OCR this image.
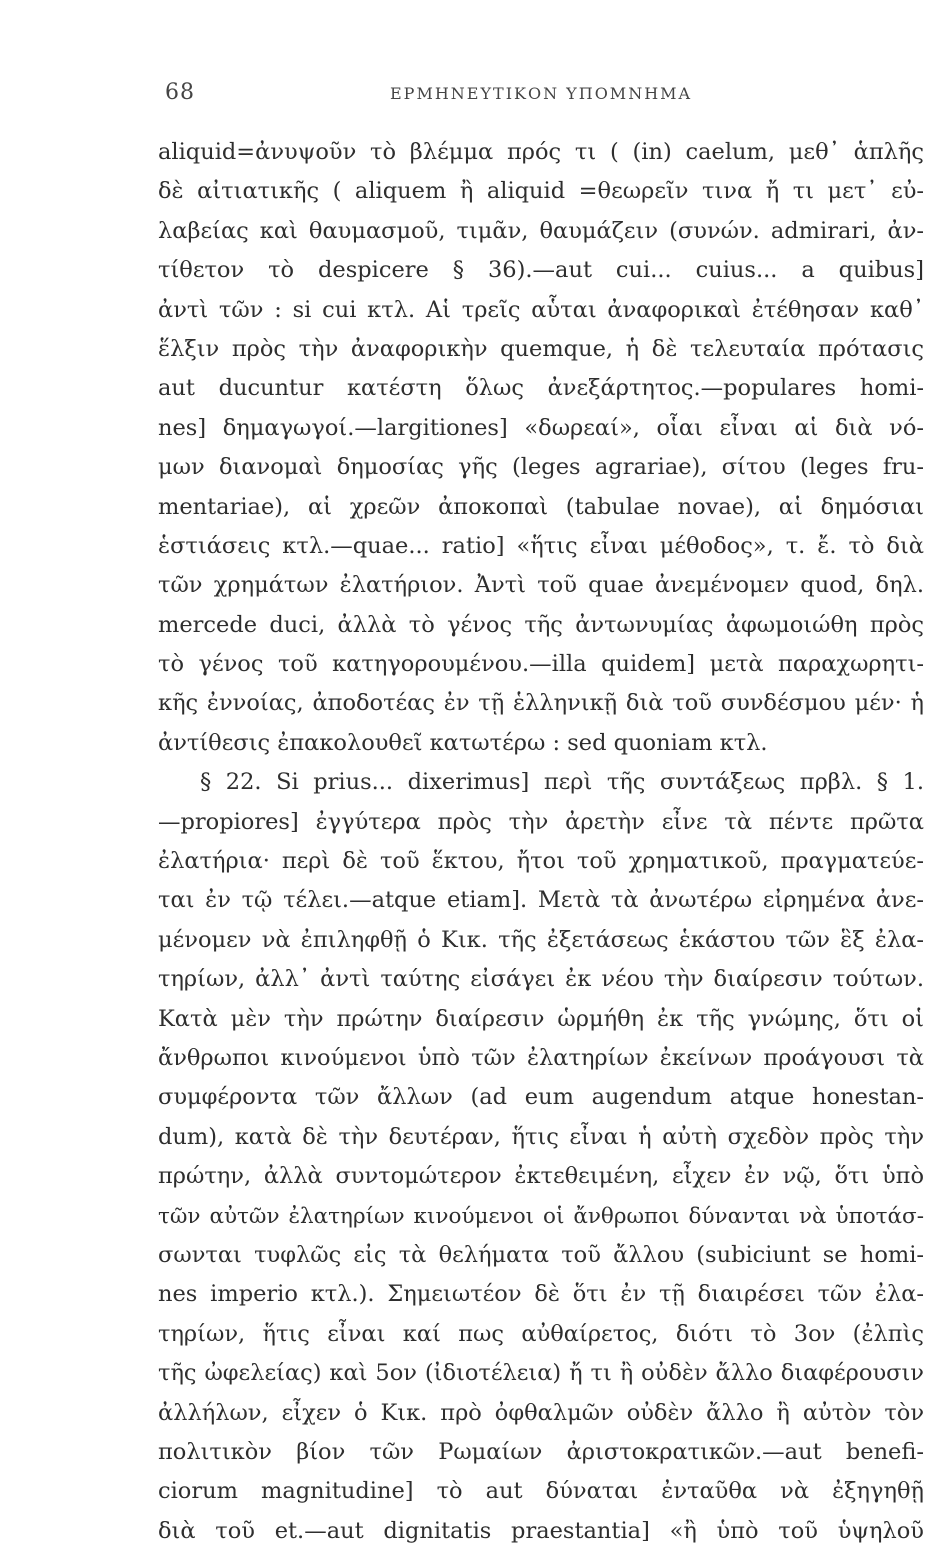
68	ΕΡΜΗΝΕΥΤΙΚΟΝ ΥΠΟΜΝΗΜΑ
aliquid=ἀνυψοῦν τὸ βλέμμα πρός τι ( (in) caelum, μεθ᾿ ἁπλῆς
δὲ αἰτιατικῆς ( aliquem ἢ aliquid =θεωρεῖν τινα ἤ τι μετ᾿ εὐ-
λαβείας καὶ θαυμασμοῦ, τιμᾶν, θαυμάζειν (συνών. admirari, ἀν-
τίθετον τὸ despicere § 36).—aut cui... cuius... a quibus]
ἀντὶ τῶν : si cui κτλ. Αἱ τρεῖς αὗται ἀναφορικαὶ ἐτέθησαν καθ᾿
ἕλξιν πρὸς τὴν ἀναφορικὴν quemque, ἡ δὲ τελευταία πρότασις
aut ducuntur κατέστη ὅλως ἀνεξάρτητος.—populares homi-
nes] δημαγωγοί.—largitiones] «δωρεαί», οἷαι εἶναι αἱ διὰ νό-
μων διανομαὶ δημοσίας γῆς (leges agrariae), σίτου (leges fru-
mentariae), αἱ χρεῶν ἀποκοπαὶ (tabulae novae), αἱ δημόσιαι
ἑστιάσεις κτλ.—quae... ratio] «ἥτις εἶναι μέθοδος», τ. ἔ. τὸ διὰ
τῶν χρημάτων ἐλατήριον. Ἀντὶ τοῦ quae ἀνεμένομεν quod, δηλ.
mercede duci, ἀλλὰ τὸ γένος τῆς ἀντωνυμίας ἀφωμοιώθη πρὸς
τὸ γένος τοῦ κατηγορουμένου.—illa quidem] μετὰ παραχωρητι-
κῆς ἐννοίας, ἀποδοτέας ἐν τῇ ἑλληνικῇ διὰ τοῦ συνδέσμου μέν· ἡ
ἀντίθεσις ἐπακολουθεῖ κατωτέρω : sed quoniam κτλ.
§ 22. Si prius... dixerimus] περὶ τῆς συντάξεως πρβλ. § 1.
—propiores] ἐγγύτερα πρὸς τὴν ἀρετὴν εἶνε τὰ πέντε πρῶτα
ἐλατήρια· περὶ δὲ τοῦ ἕκτου, ἤτοι τοῦ χρηματικοῦ, πραγματεύε-
ται ἐν τῷ τέλει.—atque etiam]. Μετὰ τὰ ἀνωτέρω εἰρημένα ἀνε-
μένομεν νὰ ἐπιληφθῇ ὁ Κικ. τῆς ἐξετάσεως ἑκάστου τῶν ἓξ ἐλα-
τηρίων, ἀλλ᾿ ἀντὶ ταύτης εἰσάγει ἐκ νέου τὴν διαίρεσιν τούτων.
Κατὰ μὲν τὴν πρώτην διαίρεσιν ὡρμήθη ἐκ τῆς γνώμης, ὅτι οἱ
ἄνθρωποι κινούμενοι ὑπὸ τῶν ἐλατηρίων ἐκείνων προάγουσι τὰ
συμφέροντα τῶν ἄλλων (ad eum augendum atque honestan-
dum), κατὰ δὲ τὴν δευτέραν, ἥτις εἶναι ἡ αὐτὴ σχεδὸν πρὸς τὴν
πρώτην, ἀλλὰ συντομώτερον ἐκτεθειμένη, εἶχεν ἐν νῷ, ὅτι ὑπὸ
τῶν αὐτῶν ἐλατηρίων κινούμενοι οἱ ἄνθρωποι δύνανται νὰ ὑποτάσ-
σωνται τυφλῶς εἰς τὰ θελήματα τοῦ ἄλλου (subiciunt se homi-
nes imperio κτλ.). Σημειωτέον δὲ ὅτι ἐν τῇ διαιρέσει τῶν ἐλα-
τηρίων, ἥτις εἶναι καί πως αὐθαίρετος, διότι τὸ 3ον (ἐλπὶς
τῆς ὠφελείας) καὶ 5ον (ἰδιοτέλεια) ἤ τι ἢ οὐδὲν ἄλλο διαφέρουσιν
ἀλλήλων, εἶχεν ὁ Κικ. πρὸ ὀφθαλμῶν οὐδὲν ἄλλο ἢ αὐτὸν τὸν
πολιτικὸν βίον τῶν Ρωμαίων ἀριστοκρατικῶν.—aut benefi-
ciorum magnitudine] τὸ aut δύναται ἐνταῦθα νὰ ἐξηγηθῇ
διὰ τοῦ et.—aut dignitatis praestantia] «ἢ ὑπὸ τοῦ ὑψηλοῦ
